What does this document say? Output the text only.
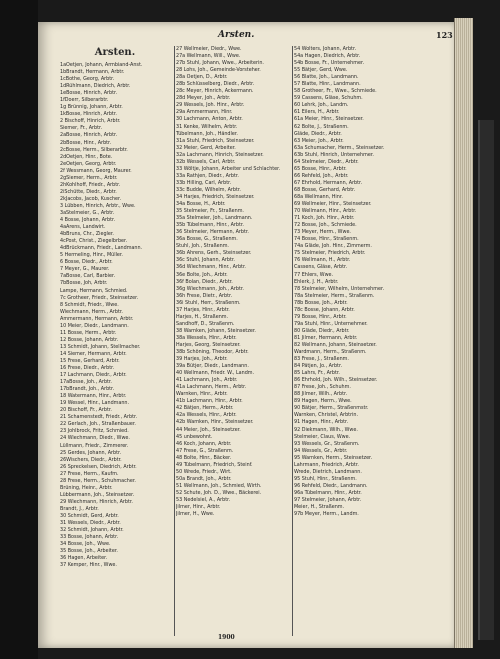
Arsten.	123
Arsten.
1aOetjen, Johann, Armbiand-Anst.
1bBrandt, Hermann, Arbtr.
1cBothe, Georg, Arbtr.
1dRühlmann, Diedrich, Arbtr.
1eBosse, Hinrich, Arbtr.
1fDoerr, Silberarbtr.
1g Brünnig, Johann, Arbtr.
1kBosse, Hinrich, Arbtr.
2 Bischoff, Hinrich, Arbtr.
Siemer, Fr., Arbtr.
2aBosse, Hinrich, Arbtr.
2bBosse, Hinr., Arbtr.
2cBosse, Herm., Silberarbtr.
2dOetjen, Hinr., Bote.
2eOetjen, Georg, Arbtr.
2f Wessmann, Georg, Maurer.
2gSiemer, Herm., Arbtr.
2hKohlhoff, Friedr., Arbtr.
2iSchütte, Diedr., Arbtr.
2kJacobs, Jacob, Kuscher.
3 Lübben, Hinrich, Arbtr., Wwe.
3aStelmeier, G., Arbtr.
4 Bosse, Johann, Arbtr.
4aArens, Landwirt.
4bBruns, Chr., Ziegler.
4cPost, Christ., Ziegelbrber.
4dBrückmann, Friedr., Landmann.
5 Hermeling, Hinr., Müller.
6 Bosse, Diedr., Arbtr.
7 Meyer, G., Maurer.
7aBosse, Carl, Barbier.
7bBosse, Joh, Arbtr.
Lampe, Hermann, Schmied.
7c Grotheer, Friedr., Steinsetzer.
8 Schmidt, Friedr., Wwe.
Wiechmann, Herm., Arbtr.
Ammermann, Hermann, Arbtr.
10 Meier, Diedr., Landmann.
11 Bosse, Herm., Arbtr.
12 Bosse, Johann, Arbtr.
13 Schmidt, Johann, Stellmacher.
14 Siemer, Hermann, Arbtr.
15 Frese, Gerhard, Arbtr.
16 Frese, Diedr., Arbtr.
17 Lachmann, Diedr., Arbtr.
17aBosse, Joh., Arbtr.
17bBrandt, Joh., Arbtr.
18 Watermann, Hinr., Arbtr.
19 Wessel, Hinr., Landmann.
20 Bischoff, Fr., Arbtr.
21 Schamenstedt, Friedr., Arbtr.
22 Gerlach, Joh., Straßenbauer.
23 Johlbrock, Fritz, Schmied.
24 Wiechmann, Diedr., Wwe.
Lüllmann, Friedr., Zimmerer.
25 Gerdes, Johann, Arbtr.
26Wischers, Diedr., Arbtr.
26 Spreckelsen, Diedrich, Arbtr.
27 Frese, Herm., Kaufm.
28 Frese, Herm., Schuhmacher.
Brüning, Heinr., Arbtr.
Lübbermann, Joh., Steinsetzer.
29 Wiechmann, Hinrich, Arbtr.
Brandt, J., Arbtr.
30 Schmidt, Gerd, Arbtr.
31 Wessels, Diedr., Arbtr.
32 Schmidt, Johann, Arbtr.
33 Bosse, Johann, Arbtr.
34 Bosse, Joh., Wwe.
35 Bosse, Joh., Arbeiter.
36 Hagen, Arbeiter.
37 Kemper, Hinr., Wwe.
27 Wellmeier, Diedr., Wwe.
27a Wellmann, Will., Wwe.
27b Stuhl, Johann, Wwe., Arbeiterin.
28 Lohs, Joh., Gemeinde-Vorsteher.
28a Oetjen, D., Arbtr.
28b Schlüsselberg, Diedr., Arbtr.
28c Meyer, Hinrich, Ackermann.
28d Meyer, Joh., Arbtr.
29 Wessels, Joh. Hinr., Arbtr.
29a Ammermann, Hinr.
30 Lachmann, Anton, Arbtr.
31 Kenke, Wilhelm, Arbtr.
Tübelmann, Joh., Händler.
31a Stuhl, Friedrich, Steinsetzer.
32 Meier, Gerd, Arbeiter.
32a Lachmann, Hinrich, Steinsetzer.
32b Wessels, Carl, Arbtr.
33 Wöltje, Johann, Arbeiter und Schlachter.
33a Rathjen, Diedr., Arbtr.
33b Hilling, Carl, Arbtr.
33c Budde, Wilhelm, Arbtr.
34 Harjes, Friedrich, Steinsetzer.
34a Bosse, H., Arbtr.
35 Stelmeier, Fr., Straßenm.
35a Stelmeier, Joh., Landmann.
35b Tübelmann, Hinr., Arbtr.
36 Stelmeier, Hermann, Arbtr.
36a Bosse, G., Straßenm.
Stuhl, Joh., Straßenm.
36b Ahrens, Gerh., Steinsetzer.
36c Stuhl, Johann, Arbtr.
36d Wiechmann, Hinr., Arbtr.
36e Bolte, Joh., Arbtr.
36f Bolan, Diedr., Arbtr.
36g Wiechmann, Joh., Arbtr.
36h Frese, Dietr., Arbtr.
36i Stuhl, Herr., Straßenm.
37 Harjes, Hinr., Arbtr.
Harjes, H., Straßenm.
Sandhoff, D., Straßenm.
38 Warnken, Johann, Steinsetzer.
38a Wessels, Hinr., Arbtr.
Harjes, Georg, Steinsetzer.
38b Schöning, Theodor, Arbtr.
39 Harjes, Joh., Arbtr.
39a Bütjer, Diedr., Landmann.
40 Wellmann, Friedr. W., Landm.
41 Lachmann, Joh., Arbtr.
41a Lachmann, Herm., Arbtr.
Warnken, Hinr., Arbtr.
41b Lachmann, Hinr., Arbtr.
42 Bätjen, Herm., Arbtr.
42a Wessels, Hinr., Arbtr.
42b Warnken, Hinr., Steinsetzer.
44 Meier, Joh., Steinsetzer.
45 unbewohnt.
46 Koch, Johann, Arbtr.
47 Frese, G., Straßenm.
48 Bolte, Hinr., Bäcker.
49 Tübelmann, Friedrich, Steinf.
50 Wrede, Friedr., Wirt.
50a Brandt, Joh., Arbtr.
51 Wellmann, Joh., Schmied, Wirth.
52 Schute, Joh. D., Wwe., Bäckerei.
53 Nedelsiel, A., Arbtr.
Jilmer, Hinr., Arbtr.
Jilmer, H., Wwe.
54 Wolters, Johann, Arbtr.
54a Hagen, Diedrich, Arbtr.
54b Bosse, Fr., Unternehmer.
55 Bätjer, Gerd, Wwe.
56 Blatte, Joh., Landmann.
57 Blatte, Hinr., Landmann.
58 Grotheer, Fr., Wwe., Schmiede.
59 Cassens, Gläse, Schuhm.
60 Lehrk, Joh., Landm.
61 Eilers, H., Arbtr.
61a Meier, Hinr., Steinsetzer.
62 Bolte, J., Straßenm.
Gläde, Diedr., Arbtr.
63 Meier, Joh., Arbtr.
63a Schumacher, Herm., Steinsetzer.
63b Stuhl, Hinrich, Unternehmer.
64 Stelmeier, Diedr., Arbtr.
65 Bosse, Hinr., Arbtr.
66 Rehfeld, Joh., Arbtr.
67 Ehrhold, Hermann, Arbtr.
68 Bosse, Gerhard, Arbtr.
68a Wellmann, Hinr.
69 Wellmeier, Hinr., Steinsetzer.
70 Wellmann, Hinr., Arbtr.
71 Koch, Joh. Hinr., Arbtr.
72 Bosse, Joh., Schmiede.
73 Meyer, Herm., Wwe.
74 Bosse, Hinr., Straßenm.
74a Gläde, Joh. Hinr., Zimmerm.
75 Stelmeier, Friedrich, Arbtr.
76 Wellmann, H., Arbtr.
Cassens, Gläse, Arbtr.
77 Ehlers, Wwe.
Ehlerk, J. H., Arbtr.
78 Stelmeier, Wilhelm, Unternehmer.
78a Stelmeier, Herm., Straßenm.
78b Bosse, Joh., Arbtr.
78c Bosse, Johann, Arbtr.
79 Bosse, Hinr., Arbtr.
79a Stuhl, Hinr., Unternehmer.
80 Gläde, Diedr., Arbtr.
81 Jilmer, Hermann, Arbtr.
82 Wellmann, Johann, Steinsetzer.
Wardmann, Herm., Straßenm.
83 Frese, J., Straßenm.
84 Pätjen, Jo., Arbtr.
85 Lahrs, Fr., Arbtr.
86 Ehrhold, Joh. Wilh., Steinsetzer.
87 Frese, Joh., Schuhm.
88 Jilmer, Wilh., Arbtr.
89 Hagen, Herm., Wwe.
90 Bätjer, Herm., Straßenmstr.
Warnken, Christel, Arbtrin.
91 Hagen, Hinr., Arbtr.
92 Diekmann, Wilh., Wwe.
Stelmeier, Claus, Wwe.
93 Wessels, Gr., Straßenm.
94 Wessels, Gr., Arbtr.
95 Warnken, Herm., Steinsetzer.
Lahrmann, Friedrich, Arbtr.
Wrede, Dietrich, Landmann.
95 Stuhl, Hinr., Straßenm.
96 Rehfeld, Diedr., Landmann.
96a Tübelmann, Hinr., Arbtr.
97 Stelmeier, Johann, Arbtr.
Meier, H., Straßenm.
97b Meyer, Herm., Landm.
1900
